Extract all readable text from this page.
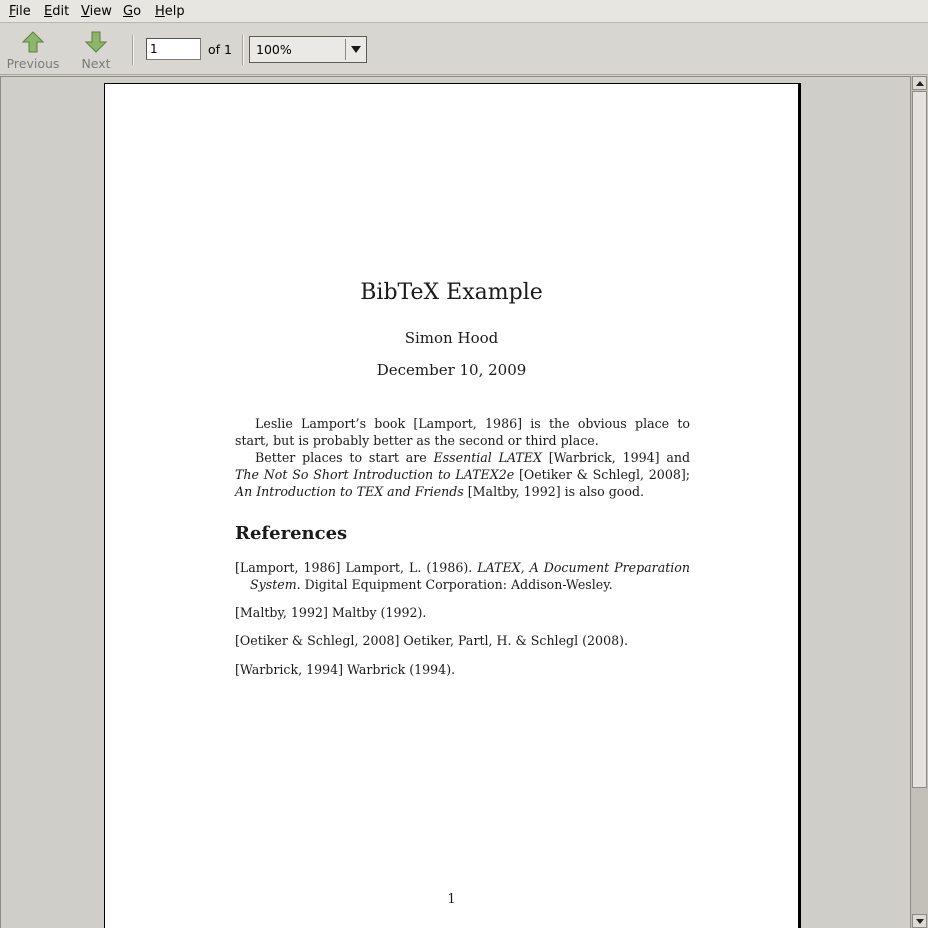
File Edit View Go Help
Previous	Next
1
of 1 100%
BibTeX Example
Simon Hood
December 10, 2009
Leslie Lamport’s book [Lamport, 1986] is the obvious place to start, but is probably better as the second or third place.
Better places to start are Essential LATEX [Warbrick, 1994] and The Not So Short Introduction to LATEX2e [Oetiker & Schlegl, 2008]; An Introduction to TEX and Friends [Maltby, 1992] is also good.
References
[Lamport, 1986] Lamport, L. (1986). LATEX, A Document Preparation System. Digital Equipment Corporation: Addison-Wesley.
[Maltby, 1992] Maltby (1992).
[Oetiker & Schlegl, 2008] Oetiker, Partl, H. & Schlegl (2008).
[Warbrick, 1994] Warbrick (1994).
1
